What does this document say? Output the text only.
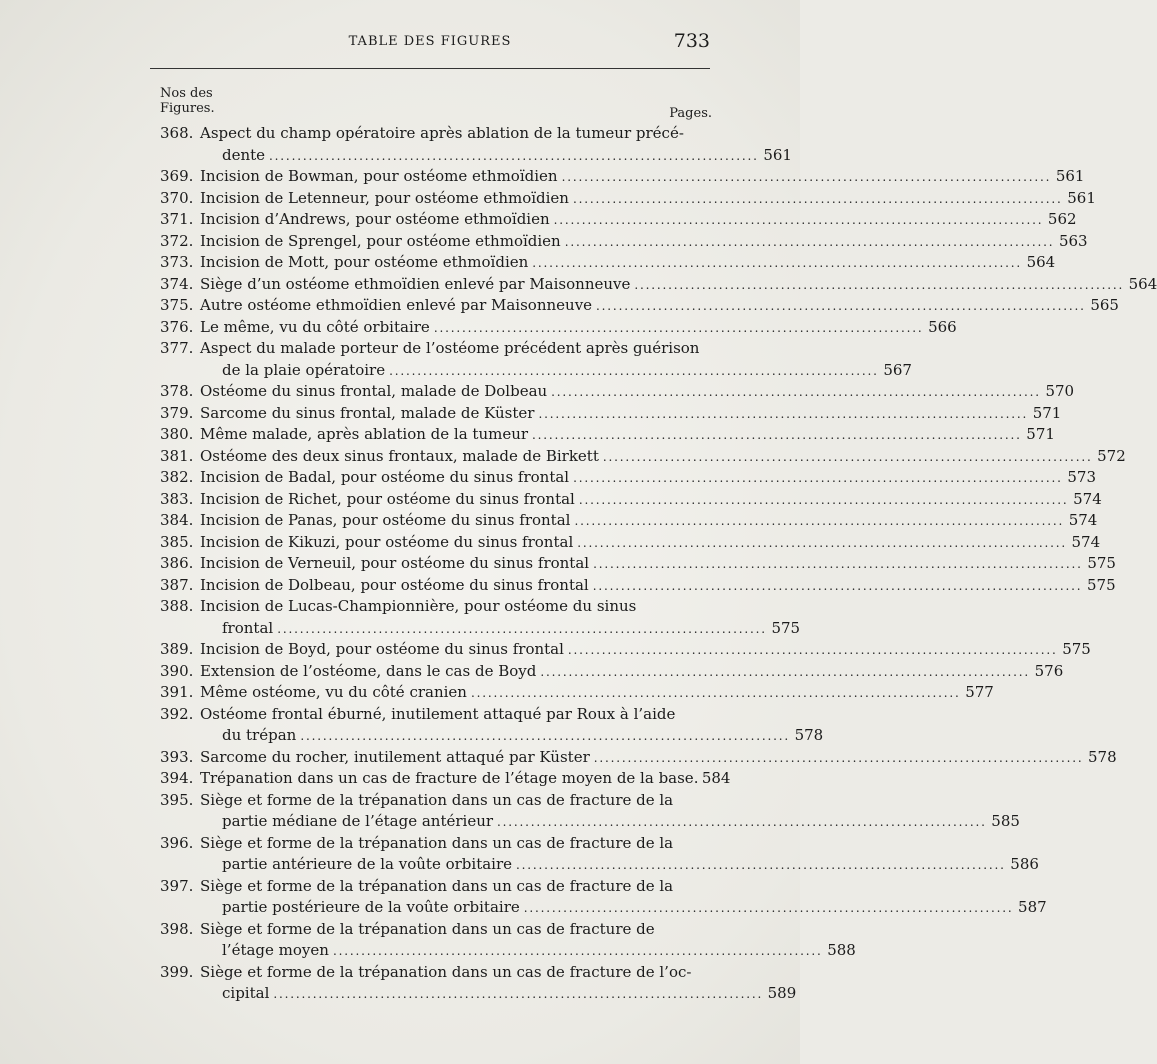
TABLE DES FIGURES	733
Nos des
Figures.	Pages.
368. Aspect du champ opératoire après ablation de la tumeur précé-
dente . . .	561
369. Incision de Bowman, pour ostéome ethmoïdien . . .	561
370. Incision de Letenneur, pour ostéome ethmoïdien . . .	561
371. Incision d’Andrews, pour ostéome ethmoïdien . . .	562
372. Incision de Sprengel, pour ostéome ethmoïdien . . .	563
373. Incision de Mott, pour ostéome ethmoïdien . . .	564
374. Siège d’un ostéome ethmoïdien enlevé par Maisonneuve . . .	564
375. Autre ostéome ethmoïdien enlevé par Maisonneuve . . .	565
376. Le même, vu du côté orbitaire . . .	566
377. Aspect du malade porteur de l’ostéome précédent après guérison
de la plaie opératoire . . .	567
378. Ostéome du sinus frontal, malade de Dolbeau . . .	570
379. Sarcome du sinus frontal, malade de Küster . . .	571
380. Même malade, après ablation de la tumeur . . .	571
381. Ostéome des deux sinus frontaux, malade de Birkett . . .	572
382. Incision de Badal, pour ostéome du sinus frontal . . .	573
383. Incision de Richet, pour ostéome du sinus frontal . . .	574
384. Incision de Panas, pour ostéome du sinus frontal . . .	574
385. Incision de Kikuzi, pour ostéome du sinus frontal . . .	574
386. Incision de Verneuil, pour ostéome du sinus frontal . . .	575
387. Incision de Dolbeau, pour ostéome du sinus frontal . . .	575
388. Incision de Lucas-Championnière, pour ostéome du sinus
frontal . . .	575
389. Incision de Boyd, pour ostéome du sinus frontal . . .	575
390. Extension de l’ostéome, dans le cas de Boyd . . .	576
391. Même ostéome, vu du côté cranien . . .	577
392. Ostéome frontal éburné, inutilement attaqué par Roux à l’aide
du trépan . . .	578
393. Sarcome du rocher, inutilement attaqué par Küster . . .	578
394. Trépanation dans un cas de fracture de l’étage moyen de la base. 584
395. Siège et forme de la trépanation dans un cas de fracture de la
partie médiane de l’étage antérieur . . .	585
396. Siège et forme de la trépanation dans un cas de fracture de la
partie antérieure de la voûte orbitaire . . .	586
397. Siège et forme de la trépanation dans un cas de fracture de la
partie postérieure de la voûte orbitaire . . .	587
398. Siège et forme de la trépanation dans un cas de fracture de
l’étage moyen . . .	588
399. Siège et forme de la trépanation dans un cas de fracture de l’oc-
cipital . . .	589
